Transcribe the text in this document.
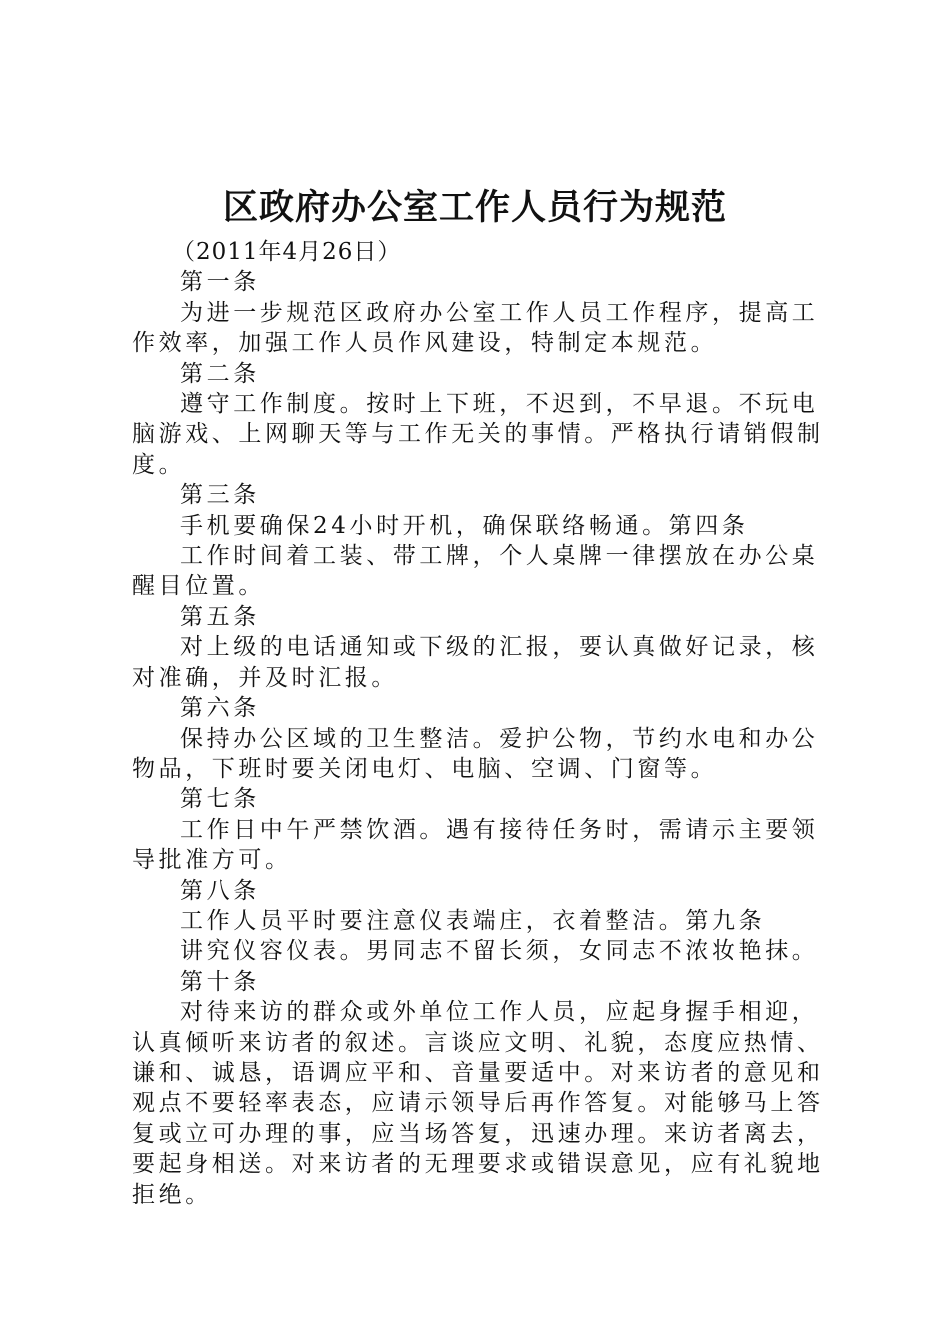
区政府办公室工作人员行为规范
（2011年4月26日）
第一条
为进一步规范区政府办公室工作人员工作程序，提高工作效率，加强工作人员作风建设，特制定本规范。
第二条
遵守工作制度。按时上下班，不迟到，不早退。不玩电脑游戏、上网聊天等与工作无关的事情。严格执行请销假制度。
第三条
手机要确保24小时开机，确保联络畅通。第四条
工作时间着工装、带工牌，个人桌牌一律摆放在办公桌醒目位置。
第五条
对上级的电话通知或下级的汇报，要认真做好记录，核对准确，并及时汇报。
第六条
保持办公区域的卫生整洁。爱护公物，节约水电和办公物品，下班时要关闭电灯、电脑、空调、门窗等。
第七条
工作日中午严禁饮酒。遇有接待任务时，需请示主要领导批准方可。
第八条
工作人员平时要注意仪表端庄，衣着整洁。第九条
讲究仪容仪表。男同志不留长须，女同志不浓妆艳抹。
第十条
对待来访的群众或外单位工作人员，应起身握手相迎，认真倾听来访者的叙述。言谈应文明、礼貌，态度应热情、谦和、诚恳，语调应平和、音量要适中。对来访者的意见和观点不要轻率表态，应请示领导后再作答复。对能够马上答复或立可办理的事，应当场答复，迅速办理。来访者离去，要起身相送。对来访者的无理要求或错误意见，应有礼貌地拒绝。
